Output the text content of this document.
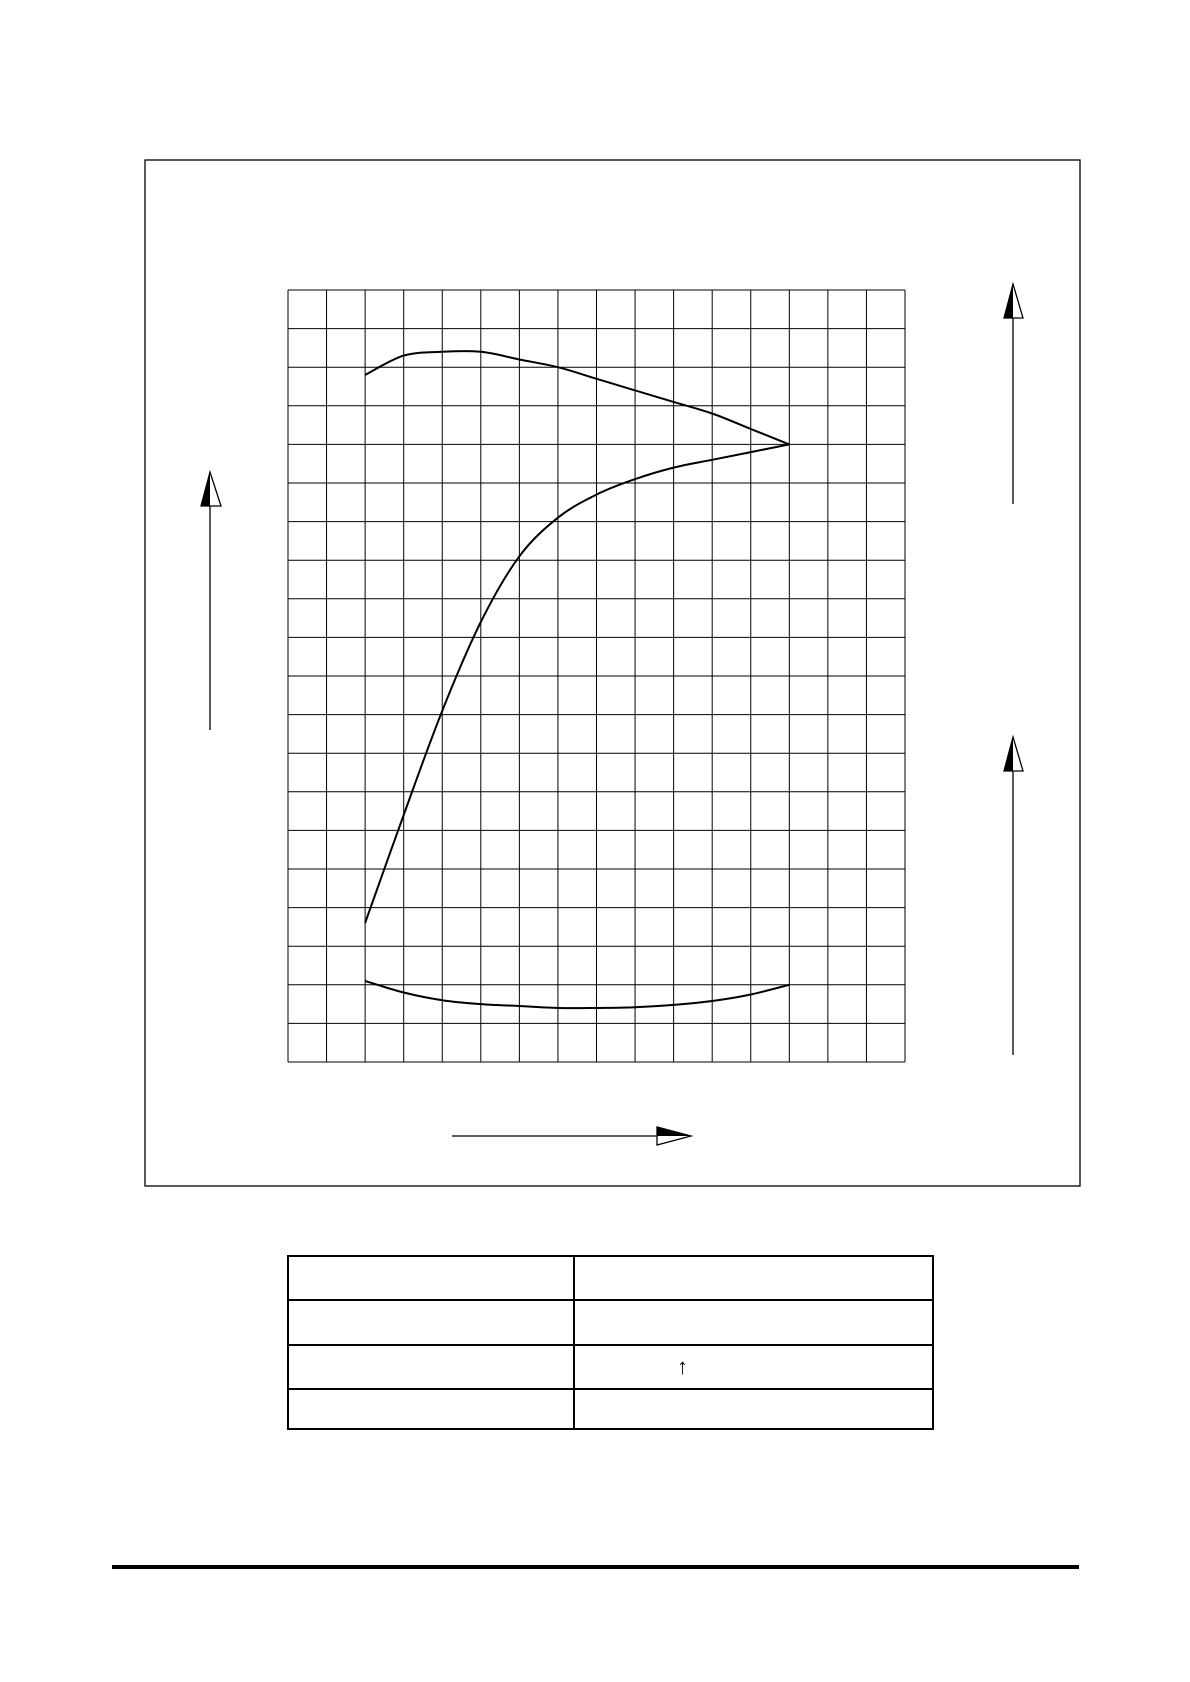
	↑
